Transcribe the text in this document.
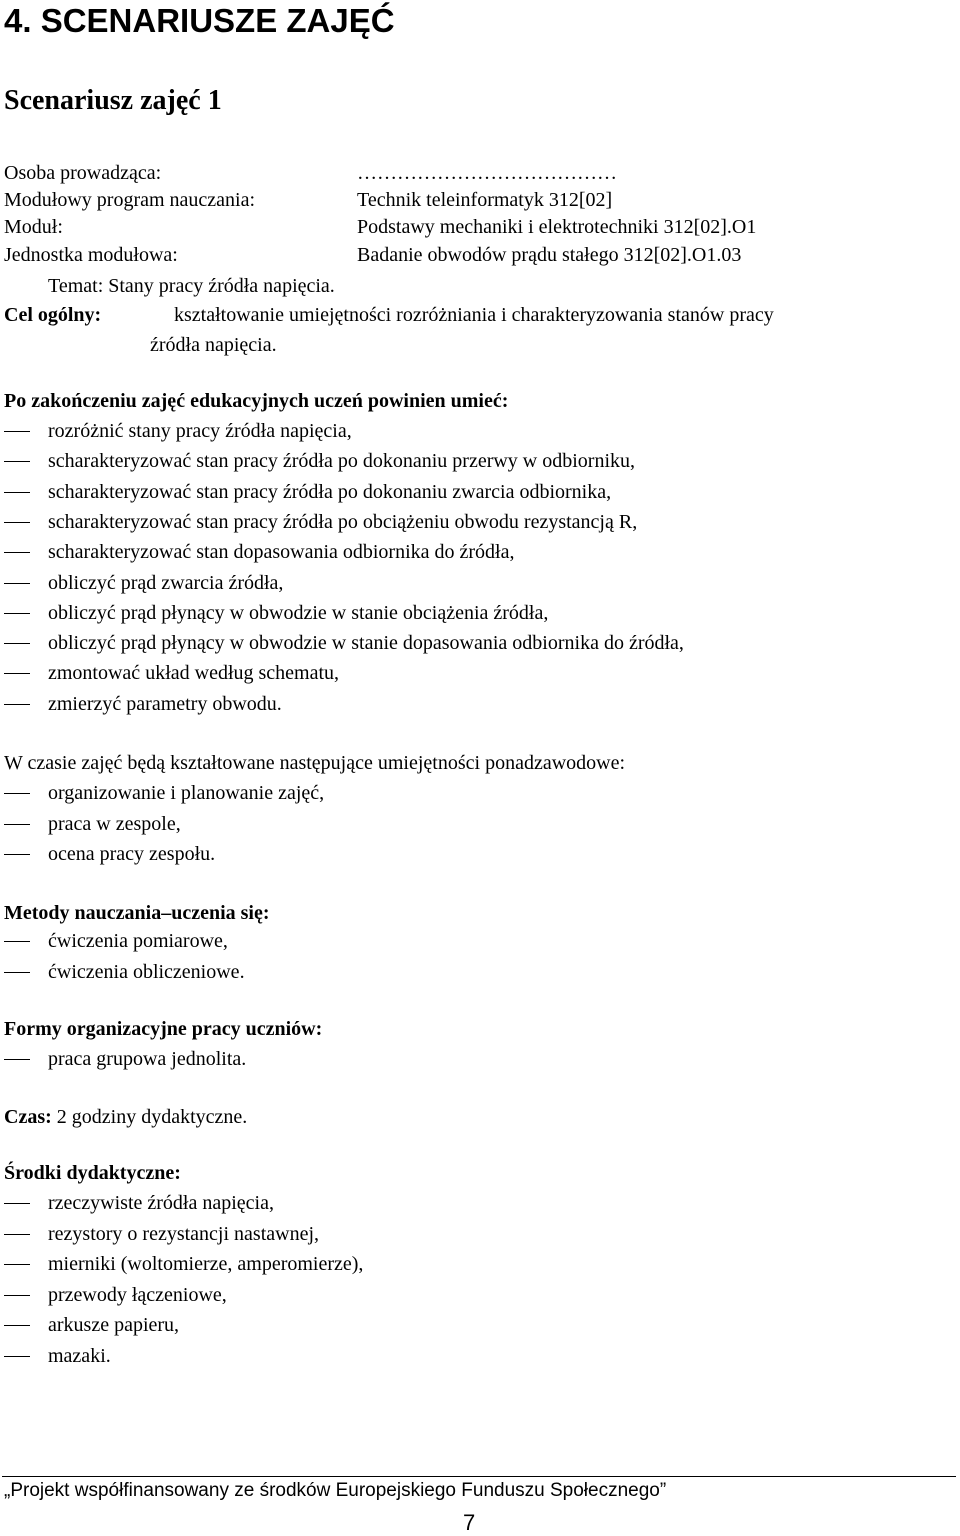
4. SCENARIUSZE ZAJĘĆ
Scenariusz zajęć 1
Osoba prowadząca:	…………………………………
Modułowy program nauczania:	Technik teleinformatyk 312[02]
Moduł:	Podstawy mechaniki i elektrotechniki 312[02].O1
Jednostka modułowa:	Badanie obwodów prądu stałego 312[02].O1.03
Temat: Stany pracy źródła napięcia.
Cel ogólny:	kształtowanie umiejętności rozróżniania i charakteryzowania stanów pracy
źródła napięcia.
Po zakończeniu zajęć edukacyjnych uczeń powinien umieć:
rozróżnić stany pracy źródła napięcia,
scharakteryzować stan pracy źródła po dokonaniu przerwy w odbiorniku,
scharakteryzować stan pracy źródła po dokonaniu zwarcia odbiornika,
scharakteryzować stan pracy źródła po obciążeniu obwodu rezystancją R,
scharakteryzować stan dopasowania odbiornika do źródła,
obliczyć prąd zwarcia źródła,
obliczyć prąd płynący w obwodzie w stanie obciążenia źródła,
obliczyć prąd płynący w obwodzie w stanie dopasowania odbiornika do źródła,
zmontować układ według schematu,
zmierzyć parametry obwodu.
W czasie zajęć będą kształtowane następujące umiejętności ponadzawodowe:
organizowanie i planowanie zajęć,
praca w zespole,
ocena pracy zespołu.
Metody nauczania–uczenia się:
ćwiczenia pomiarowe,
ćwiczenia obliczeniowe.
Formy organizacyjne pracy uczniów:
praca grupowa jednolita.
Czas: 2 godziny dydaktyczne.
Środki dydaktyczne:
rzeczywiste źródła napięcia,
rezystory o rezystancji nastawnej,
mierniki (woltomierze, amperomierze),
przewody łączeniowe,
arkusze papieru,
mazaki.
„Projekt współfinansowany ze środków Europejskiego Funduszu Społecznego”
7
